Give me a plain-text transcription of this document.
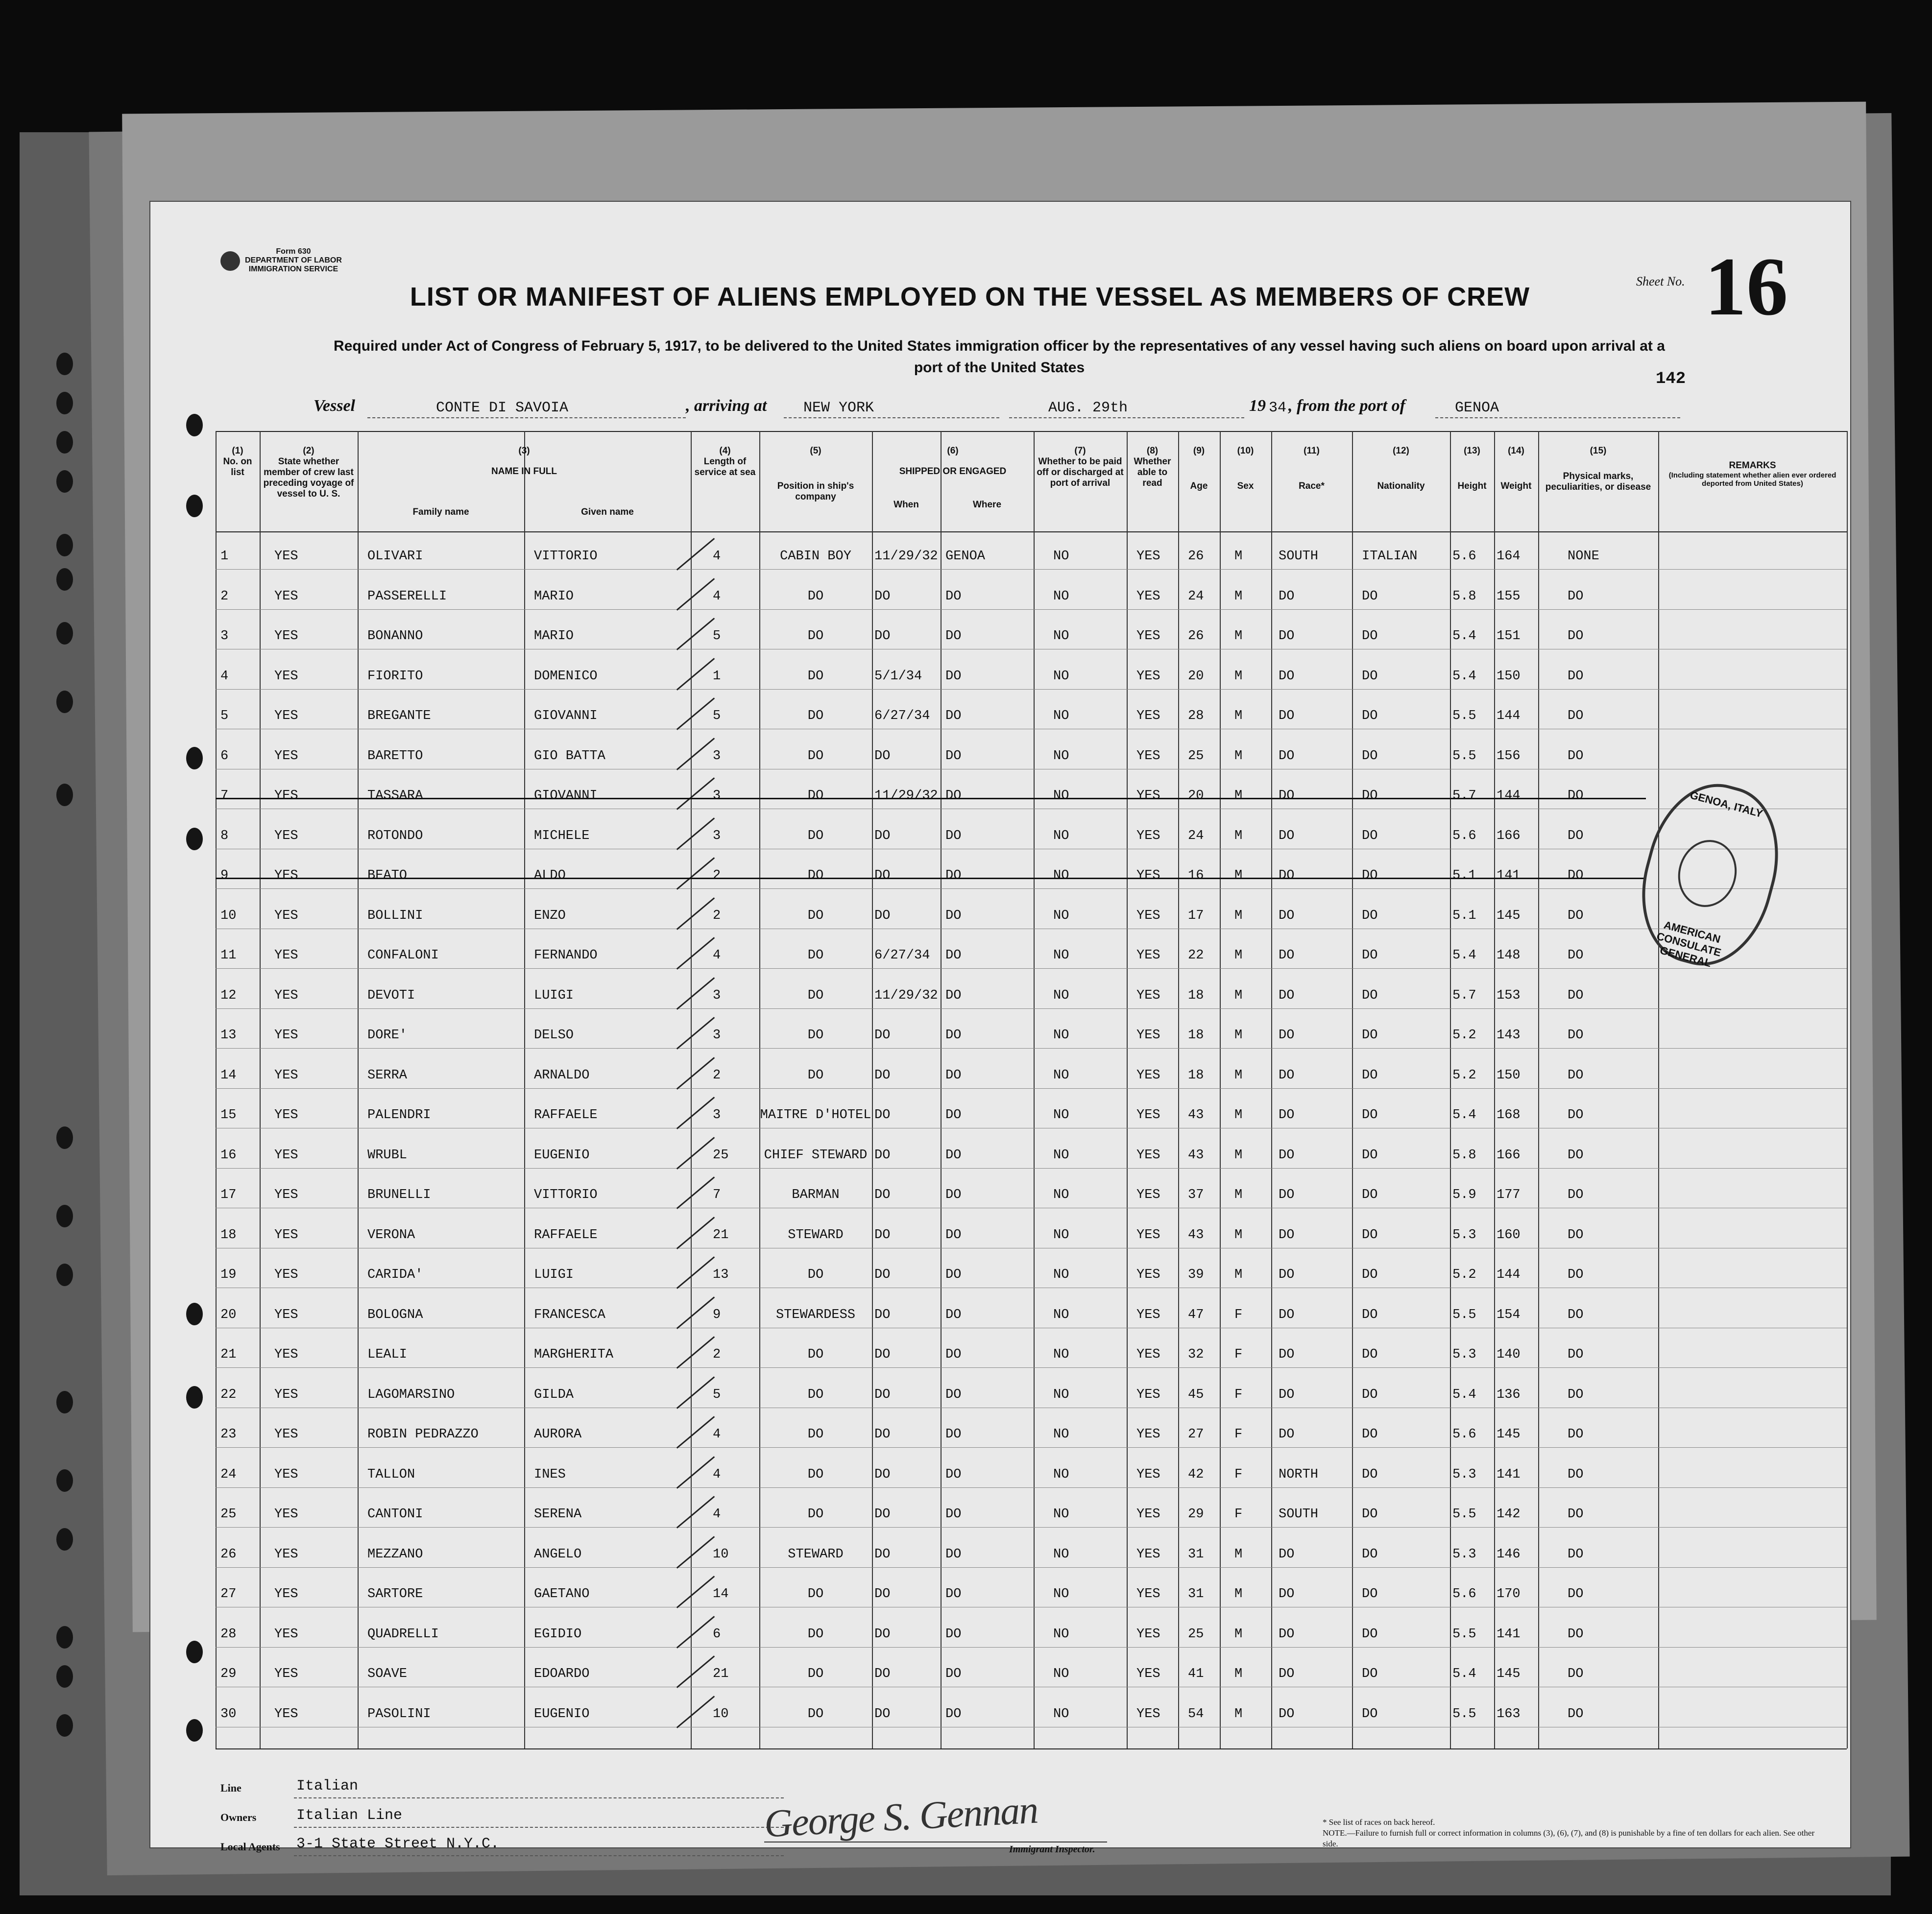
Form 630
DEPARTMENT OF LABOR
IMMIGRATION SERVICE
Sheet No. 16
LIST OR MANIFEST OF ALIENS EMPLOYED ON THE VESSEL AS MEMBERS OF CREW
Required under Act of Congress of February 5, 1917, to be delivered to the United States immigration officer by the representatives of any vessel having such aliens on board upon arrival at a
port of the United States
142
Vessel	CONTE DI SAVOIA	, arriving at NEW YORK	AUG. 29th	19 34 , from the port of	GENOA
(1)
No. on list
(2)
State whether member of crew last preceding voyage of vessel to U. S.
(3)
NAME IN FULL
Family name	Given name
(4)
Length of service at sea
(5)
Position in ship's company
(6)
SHIPPED OR ENGAGED
When	Where
(7)
Whether to be paid off or discharged at port of arrival
(8)
Whether able to read
(9)
Age
(10)
Sex
(11)
Race*
(12)
Nationality
(13)
Height
(14)
Weight
(15)
Physical marks, peculiarities, or disease
REMARKS
(Including statement whether alien ever ordered deported from United States)
1	YES	OLIVARI	VITTORIO	4	CABIN BOY	11/29/32 GENOA	NO	YES 26 M	SOUTH	ITALIAN	5.6 164	NONE
2	YES	PASSERELLI	MARIO	4	DO	DO	DO	NO	YES 24 M	DO	DO	5.8 155	DO
3	YES	BONANNO	MARIO	5	DO	DO	DO	NO	YES 26 M	DO	DO	5.4 151	DO
4	YES	FIORITO	DOMENICO	1	DO	5/1/34 DO	NO	YES 20 M	DO	DO	5.4 150	DO
5	YES	BREGANTE	GIOVANNI	5	DO	6/27/34 DO	NO	YES 28 M	DO	DO	5.5 144	DO
6	YES	BARETTO	GIO BATTA	3	DO	DO	DO	NO	YES 25 M	DO	DO	5.5 156	DO
7	YES	TASSARA	GIOVANNI	3	DO	11/29/32 DO	NO	YES 20 M	DO	DO	5.7 144	DO
8	YES	ROTONDO	MICHELE	3	DO	DO	DO	NO	YES 24 M	DO	DO	5.6 166	DO
9	YES	BEATO	ALDO	2	DO	DO	DO	NO	YES 16 M	DO	DO	5.1 141	DO
10	YES	BOLLINI	ENZO	2	DO	DO	DO	NO	YES 17 M	DO	DO	5.1 145	DO
11	YES	CONFALONI	FERNANDO	4	DO	6/27/34 DO	NO	YES 22 M	DO	DO	5.4 148	DO
12	YES	DEVOTI	LUIGI	3	DO	11/29/32 DO	NO	YES 18 M	DO	DO	5.7 153	DO
13	YES	DORE'	DELSO	3	DO	DO	DO	NO	YES 18 M	DO	DO	5.2 143	DO
14	YES	SERRA	ARNALDO	2	DO	DO	DO	NO	YES 18 M	DO	DO	5.2 150	DO
15	YES	PALENDRI	RAFFAELE	3	MAITRE D'HOTEL DO	DO	NO	YES 43 M	DO	DO	5.4 168	DO
16	YES	WRUBL	EUGENIO	25	CHIEF STEWARD DO	DO	NO	YES 43 M	DO	DO	5.8 166	DO
17	YES	BRUNELLI	VITTORIO	7	BARMAN	DO	DO	NO	YES 37 M	DO	DO	5.9 177	DO
18	YES	VERONA	RAFFAELE	21	STEWARD	DO	DO	NO	YES 43 M	DO	DO	5.3 160	DO
19	YES	CARIDA'	LUIGI	13	DO	DO	DO	NO	YES 39 M	DO	DO	5.2 144	DO
20	YES	BOLOGNA	FRANCESCA	9	STEWARDESS	DO	DO	NO	YES 47 F	DO	DO	5.5 154	DO
21	YES	LEALI	MARGHERITA	2	DO	DO	DO	NO	YES 32 F	DO	DO	5.3 140	DO
22	YES	LAGOMARSINO	GILDA	5	DO	DO	DO	NO	YES 45 F	DO	DO	5.4 136	DO
23	YES	ROBIN PEDRAZZO	AURORA	4	DO	DO	DO	NO	YES 27 F	DO	DO	5.6 145	DO
24	YES	TALLON	INES	4	DO	DO	DO	NO	YES 42 F	NORTH	DO	5.3 141	DO
25	YES	CANTONI	SERENA	4	DO	DO	DO	NO	YES 29 F	SOUTH	DO	5.5 142	DO
26	YES	MEZZANO	ANGELO	10	STEWARD	DO	DO	NO	YES 31 M	DO	DO	5.3 146	DO
27	YES	SARTORE	GAETANO	14	DO	DO	DO	NO	YES 31 M	DO	DO	5.6 170	DO
28	YES	QUADRELLI	EGIDIO	6	DO	DO	DO	NO	YES 25 M	DO	DO	5.5 141	DO
29	YES	SOAVE	EDOARDO	21	DO	DO	DO	NO	YES 41 M	DO	DO	5.4 145	DO
30	YES	PASOLINI	EUGENIO	10	DO	DO	DO	NO	YES 54 M	DO	DO	5.5 163	DO
GENOA, ITALY
AMERICAN CONSULATE GENERAL
Line	Italian
Owners	Italian Line
Local Agents 3-1 State Street N.Y.C.	George S. Gennan
Immigrant Inspector.
* See list of races on back hereof.
NOTE.—Failure to furnish full or correct information in columns (3), (6), (7), and (8) is punishable by a fine of ten dollars for each alien. See other side.
